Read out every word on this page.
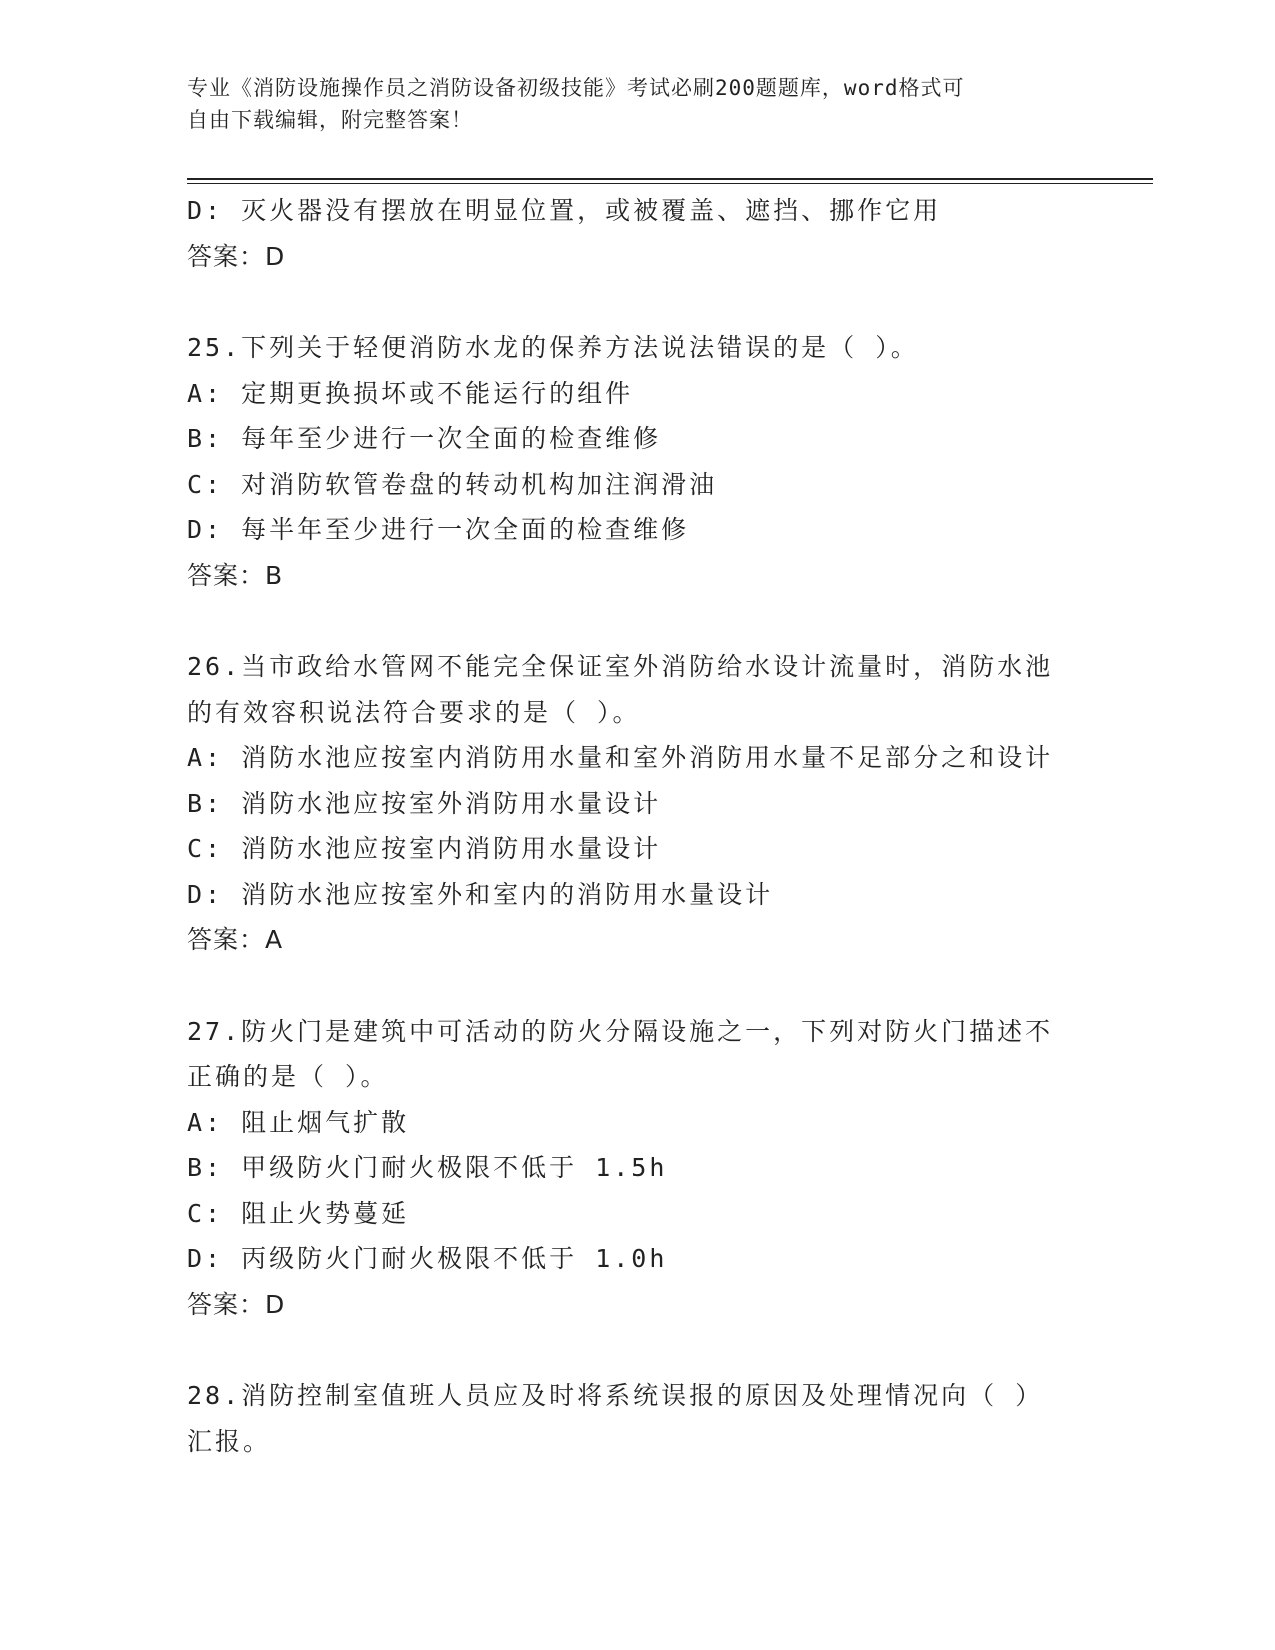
专业《消防设施操作员之消防设备初级技能》考试必刷200题题库，word格式可
自由下载编辑，附完整答案！
D: 灭火器没有摆放在明显位置，或被覆盖、遮挡、挪作它用
答案：D
25.下列关于轻便消防水龙的保养方法说法错误的是（ ）。
A: 定期更换损坏或不能运行的组件
B: 每年至少进行一次全面的检查维修
C: 对消防软管卷盘的转动机构加注润滑油
D: 每半年至少进行一次全面的检查维修
答案：B
26.当市政给水管网不能完全保证室外消防给水设计流量时，消防水池
的有效容积说法符合要求的是（ ）。
A: 消防水池应按室内消防用水量和室外消防用水量不足部分之和设计
B: 消防水池应按室外消防用水量设计
C: 消防水池应按室内消防用水量设计
D: 消防水池应按室外和室内的消防用水量设计
答案：A
27.防火门是建筑中可活动的防火分隔设施之一，下列对防火门描述不
正确的是（ ）。
A: 阻止烟气扩散
B: 甲级防火门耐火极限不低于 1.5h
C: 阻止火势蔓延
D: 丙级防火门耐火极限不低于 1.0h
答案：D
28.消防控制室值班人员应及时将系统误报的原因及处理情况向（ ）
汇报。
